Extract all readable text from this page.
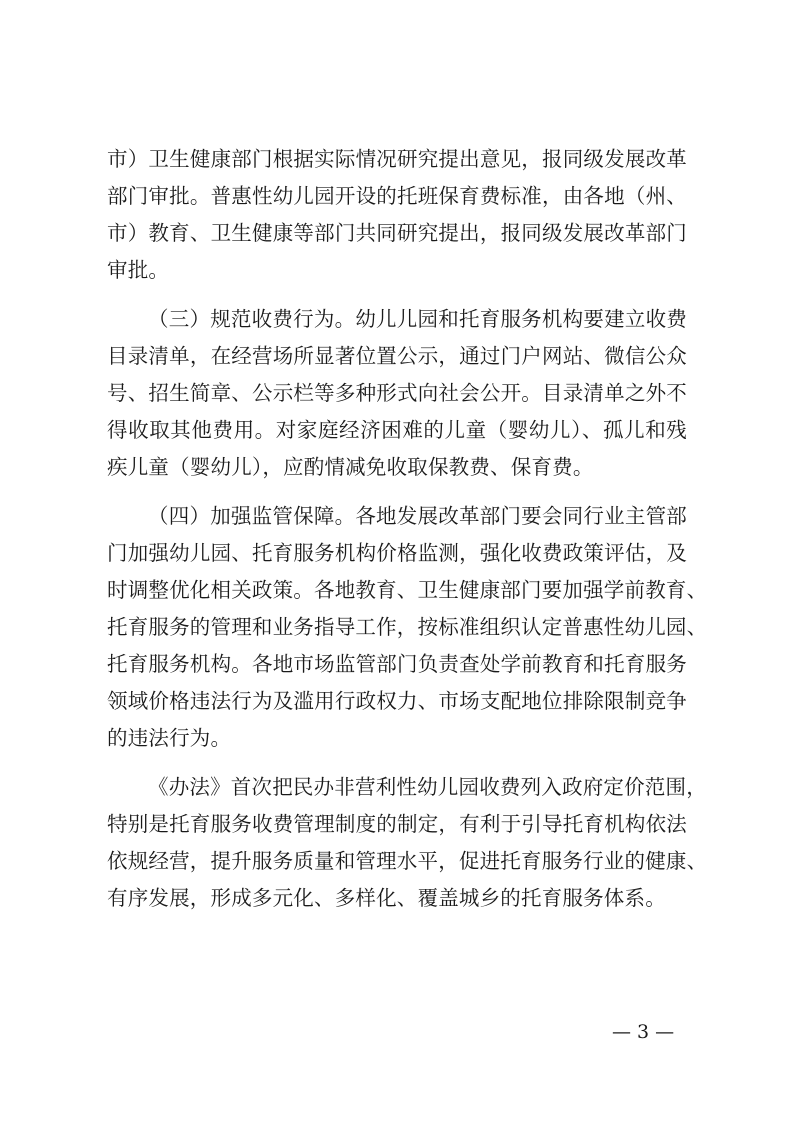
市）卫生健康部门根据实际情况研究提出意见，报同级发展改革
部门审批。普惠性幼儿园开设的托班保育费标准，由各地（州、
市）教育、卫生健康等部门共同研究提出，报同级发展改革部门
审批。
（三）规范收费行为。幼儿儿园和托育服务机构要建立收费
目录清单，在经营场所显著位置公示，通过门户网站、微信公众
号、招生简章、公示栏等多种形式向社会公开。目录清单之外不
得收取其他费用。对家庭经济困难的儿童（婴幼儿）、孤儿和残
疾儿童（婴幼儿），应酌情减免收取保教费、保育费。
（四）加强监管保障。各地发展改革部门要会同行业主管部
门加强幼儿园、托育服务机构价格监测，强化收费政策评估，及
时调整优化相关政策。各地教育、卫生健康部门要加强学前教育、
托育服务的管理和业务指导工作，按标准组织认定普惠性幼儿园、
托育服务机构。各地市场监管部门负责查处学前教育和托育服务
领域价格违法行为及滥用行政权力、市场支配地位排除限制竞争
的违法行为。
《办法》首次把民办非营利性幼儿园收费列入政府定价范围，
特别是托育服务收费管理制度的制定，有利于引导托育机构依法
依规经营，提升服务质量和管理水平，促进托育服务行业的健康、
有序发展，形成多元化、多样化、覆盖城乡的托育服务体系。
— 3 —
